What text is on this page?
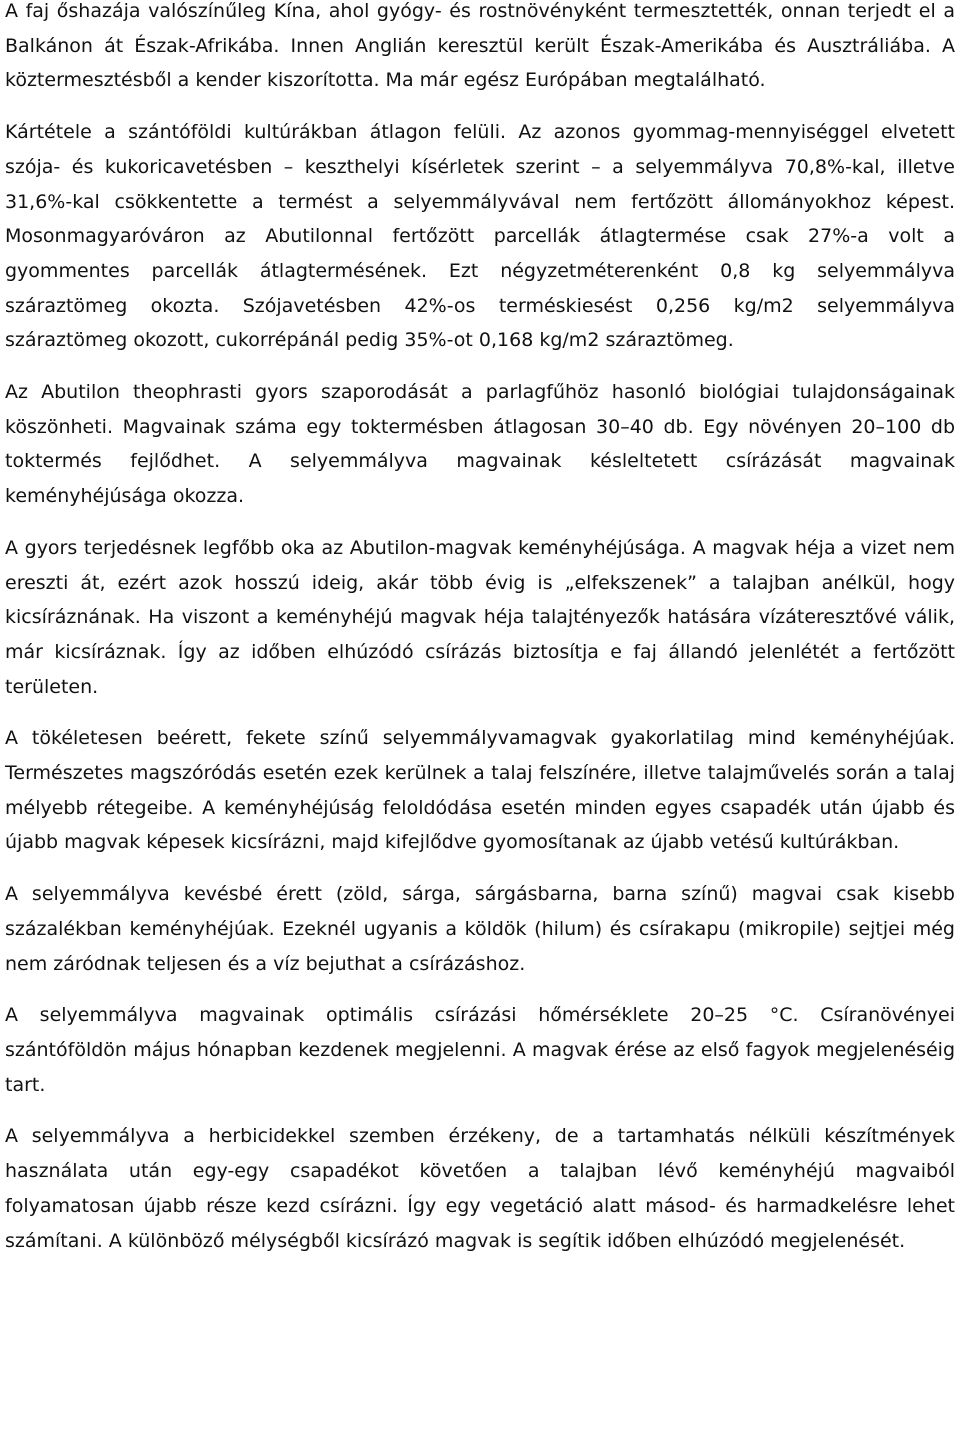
A faj őshazája valószínűleg Kína, ahol gyógy- és rostnövényként termesztették, onnan terjedt el a Balkánon át Észak-Afrikába. Innen Anglián keresztül került Észak-Amerikába és Ausztráliába. A köztermesztésből a kender kiszorította. Ma már egész Európában megtalálható.

Kártétele a szántóföldi kultúrákban átlagon felüli. Az azonos gyommag-mennyiséggel elvetett szója- és kukoricavetésben – keszthelyi kísérletek szerint – a selyemmályva 70,8%-kal, illetve 31,6%-kal csökkentette a termést a selyemmályvával nem fertőzött állományokhoz képest. Mosonmagyaróváron az Abutilonnal fertőzött parcellák átlagtermése csak 27%-a volt a gyommentes parcellák átlagtermésének. Ezt négyzetméterenként 0,8 kg selyemmályva száraztömeg okozta. Szójavetésben 42%-os terméskiesést 0,256 kg/m2 selyemmályva száraztömeg okozott, cukorrépánál pedig 35%-ot 0,168 kg/m2 száraztömeg.

Az Abutilon theophrasti gyors szaporodását a parlagfűhöz hasonló biológiai tulajdonságainak köszönheti. Magvainak száma egy toktermésben átlagosan 30–40 db. Egy növényen 20–100 db toktermés fejlődhet. A selyemmályva magvainak késleltetett csírázását magvainak keményhéjúsága okozza.

A gyors terjedésnek legfőbb oka az Abutilon-magvak keményhéjúsága. A magvak héja a vizet nem ereszti át, ezért azok hosszú ideig, akár több évig is „elfekszenek” a talajban anélkül, hogy kicsíráznának. Ha viszont a keményhéjú magvak héja talajtényezők hatására vízáteresztővé válik, már kicsíráznak. Így az időben elhúzódó csírázás biztosítja e faj állandó jelenlétét a fertőzött területen.

A tökéletesen beérett, fekete színű selyemmályvamagvak gyakorlatilag mind keményhéjúak. Természetes magszóródás esetén ezek kerülnek a talaj felszínére, illetve talajművelés során a talaj mélyebb rétegeibe. A keményhéjúság feloldódása esetén minden egyes csapadék után újabb és újabb magvak képesek kicsírázni, majd kifejlődve gyomosítanak az újabb vetésű kultúrákban.

A selyemmályva kevésbé érett (zöld, sárga, sárgásbarna, barna színű) magvai csak kisebb százalékban keményhéjúak. Ezeknél ugyanis a köldök (hilum) és csírakapu (mikropile) sejtjei még nem záródnak teljesen és a víz bejuthat a csírázáshoz.

A selyemmályva magvainak optimális csírázási hőmérséklete 20–25 °C. Csíranövényei szántóföldön május hónapban kezdenek megjelenni. A magvak érése az első fagyok megjelenéséig tart.

A selyemmályva a herbicidekkel szemben érzékeny, de a tartamhatás nélküli készítmények használata után egy-egy csapadékot követően a talajban lévő keményhéjú magvaiból folyamatosan újabb része kezd csírázni. Így egy vegetáció alatt másod- és harmadkelésre lehet számítani. A különböző mélységből kicsírázó magvak is segítik időben elhúzódó megjelenését.
